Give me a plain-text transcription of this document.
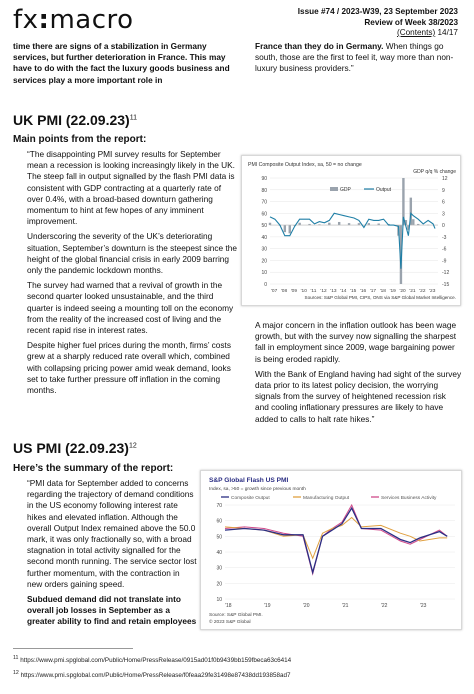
fx:macro	Issue #74 / 2023-W39, 23 September 2023
Review of Week 38/2023
(Contents) 14/17

time there are signs of a stabilization in Germany services, but further deterioration in France. This may have to do with the fact the luxury goods business and services play a more important role in

France than they do in Germany. When things go south, those are the first to feel it, way more than non-luxury business providers.”

UK PMI $(22.09.23)^{11}$
Main points from the report:

“The disappointing PMI survey results for September mean a recession is looking increasingly likely in the UK. The steep fall in output signalled by the flash PMI data is consistent with GDP contracting at a quarterly rate of over 0.4%, with a broad-based downturn gathering momentum to hint at few hopes of any imminent improvement.

Underscoring the severity of the UK’s deteriorating situation, September’s downturn is the steepest since the height of the global financial crisis in early 2009 barring only the pandemic lockdown months.

The survey had warned that a revival of growth in the second quarter looked unsustainable, and the third quarter is indeed seeing a mounting toll on the economy from the reality of the increased cost of living and the recent rapid rise in interest rates.

Despite higher fuel prices during the month, firms’ costs grew at a sharply reduced rate overall which, combined with collapsing pricing power amid weak demand, looks set to take further pressure off inflation in the coming months.

PMI Composite Output Index, sa, 50 = no change
GDP q/q % change
90
80
70
60
50
40
30
20
10
0
12
9
6
3
0
-3
-6
-9
-12
-15
'07 '08 '09 '10 '11 '12 '13 '14 '15 '16 '17 '18 '19 '20 '21 '22 '23
GDP	Output
Sources: S&P Global PMI, CIPS, ONS via S&P Global Market Intelligence.

A major concern in the inflation outlook has been wage growth, but with the survey now signalling the sharpest fall in employment since 2009, wage bargaining power is being eroded rapidly.

With the Bank of England having had sight of the survey data prior to its latest policy decision, the worrying signals from the survey of heightened recession risk and cooling inflationary pressures are likely to have added to calls to halt rate hikes.”

US PMI $(22.09.23)^{12}$
Here’s the summary of the report:

“PMI data for September added to concerns regarding the trajectory of demand conditions in the US economy following interest rate hikes and elevated inflation. Although the overall Output Index remained above the 50.0 mark, it was only fractionally so, with a broad stagnation in total activity signalled for the second month running. The service sector lost further momentum, with the contraction in new orders gaining speed.

Subdued demand did not translate into overall job losses in September as a greater ability to find and retain employees

S&P Global Flash US PMI
Index, sa, >50 = growth since previous month
Composite Output	Manufacturing Output	Services Business Activity
70
60
50
40
30
20
10
'18	'19	'20	'21	'22	'23
Source: S&P Global PMI.
© 2023 S&P Global
$^{11}$ https://www.pmi.spglobal.com/Public/Home/PressRelease/0915ad01f0b9439bb159fbeca63c6414
$^{12}$ https://www.pmi.spglobal.com/Public/Home/PressRelease/f0feaa29fe31498e87438dd193858ad7
